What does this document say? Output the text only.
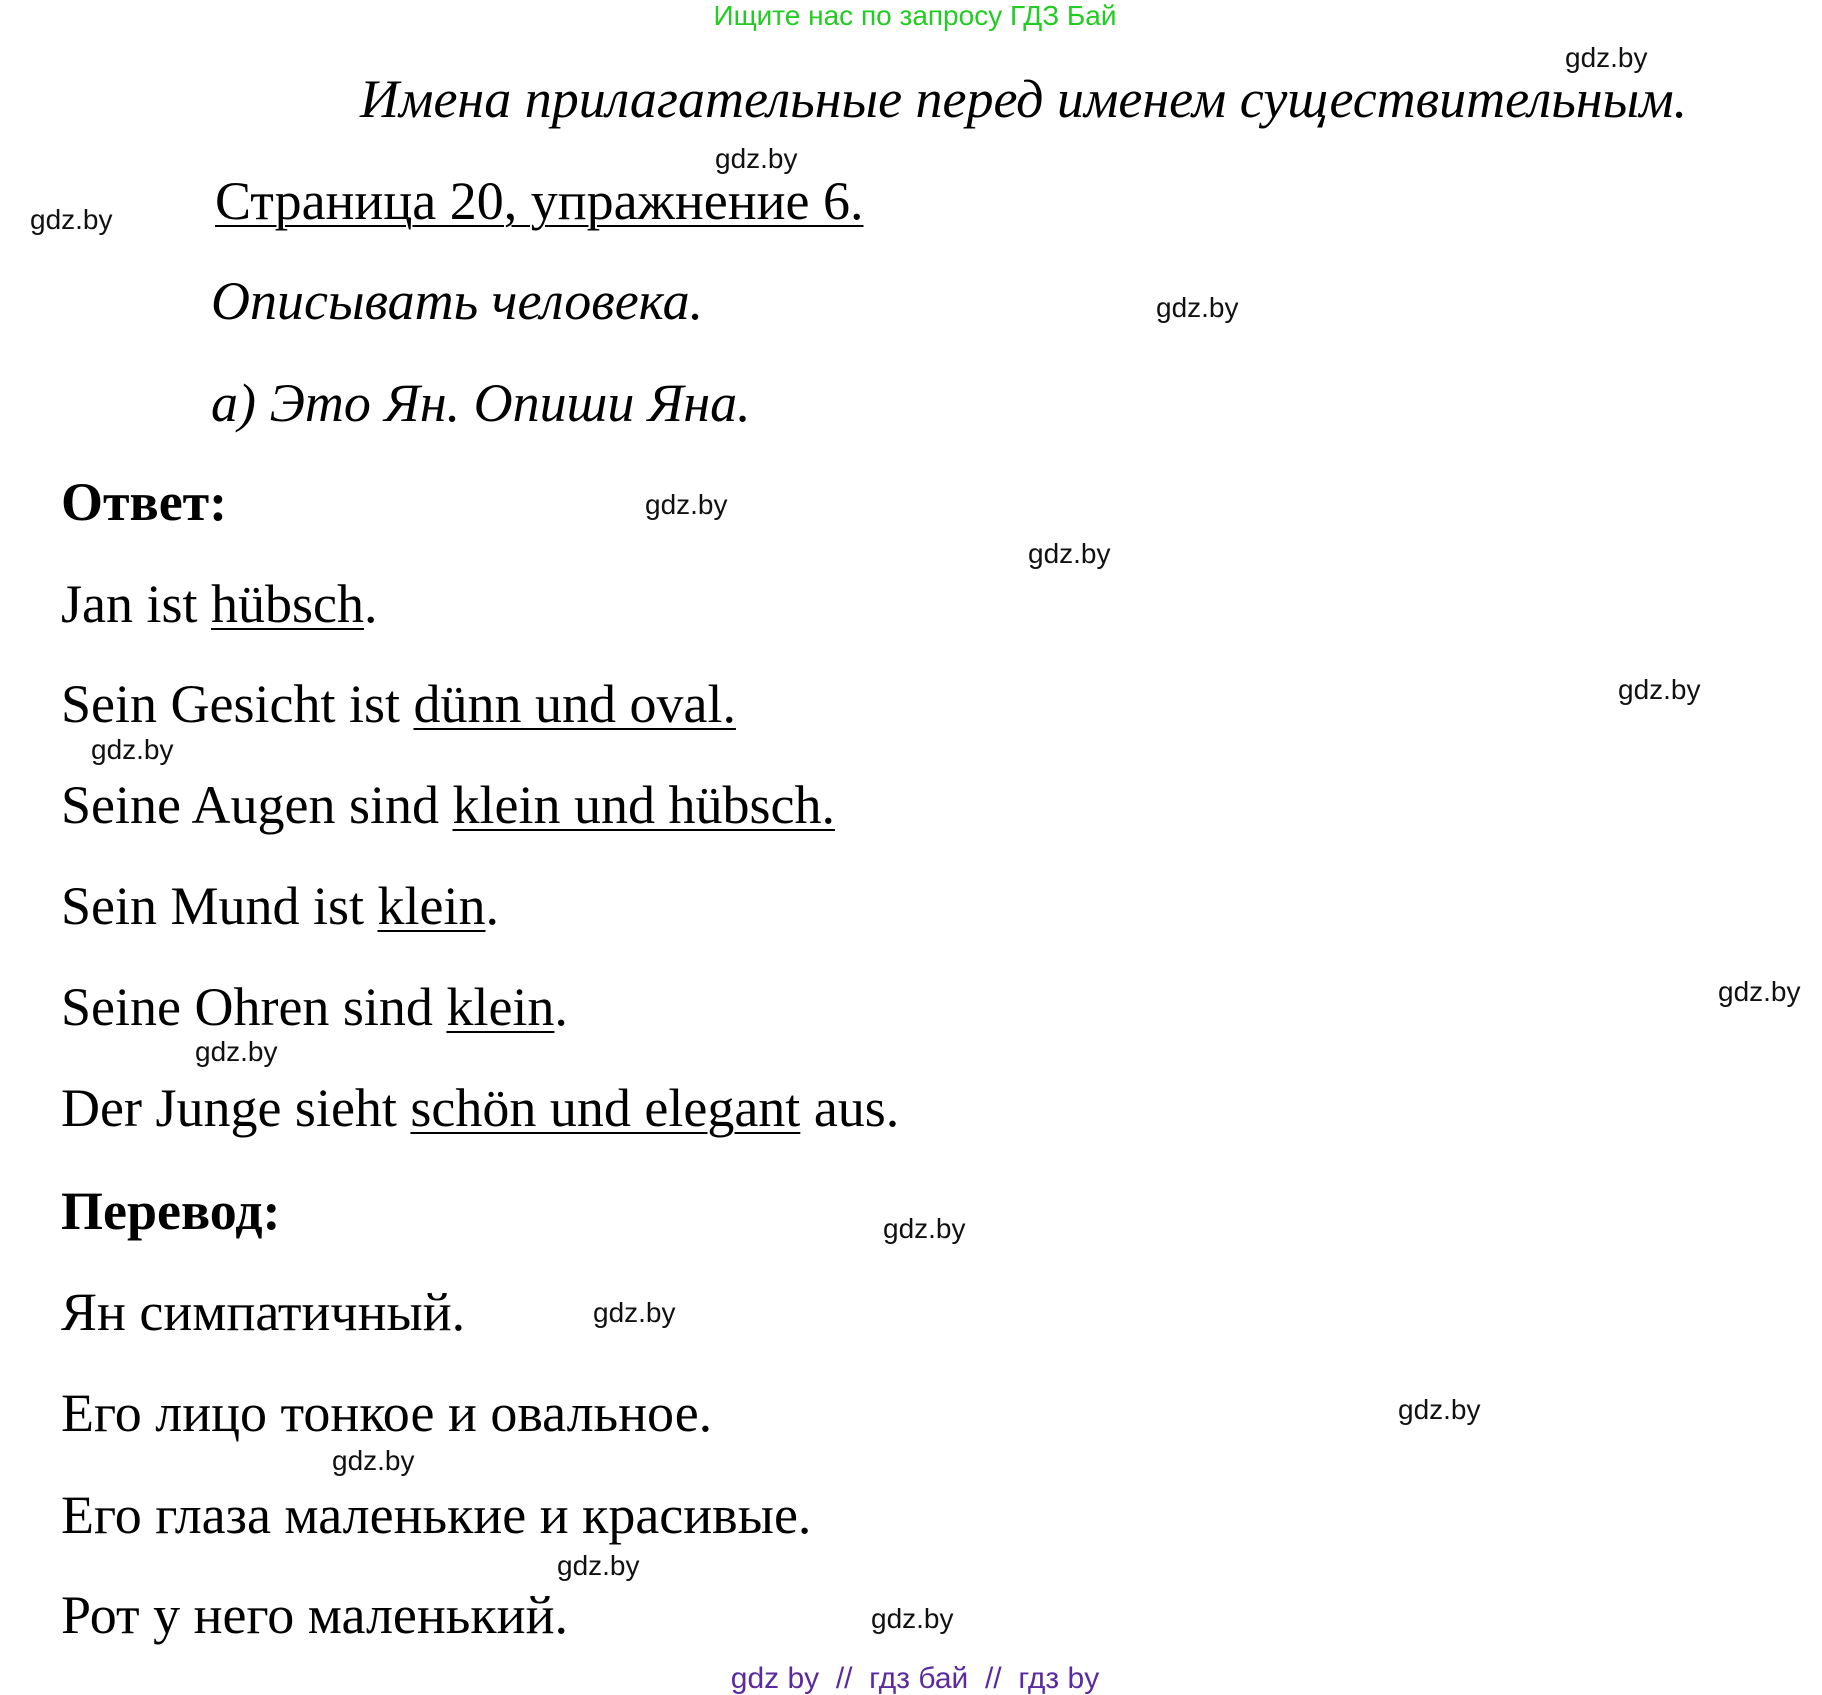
Ищите нас по запросу ГДЗ Бай
Имена прилагательные перед именем существительным.
Страница 20, упражнение 6.
Описывать человека.
а) Это Ян. Опиши Яна.
Ответ:
Jan ist hübsch.
Sein Gesicht ist dünn und oval.
Seine Augen sind klein und hübsch.
Sein Mund ist klein.
Seine Ohren sind klein.
Der Junge sieht schön und elegant aus.
Перевод:
Ян симпатичный.
Его лицо тонкое и овальное.
Его глаза маленькие и красивые.
Рот у него маленький.
gdz.by
gdz.by
gdz.by
gdz.by
gdz.by
gdz.by
gdz.by
gdz.by
gdz.by
gdz.by
gdz.by
gdz.by
gdz.by
gdz.by
gdz.by
gdz.by
gdz by  //  гдз бай  //  гдз by
